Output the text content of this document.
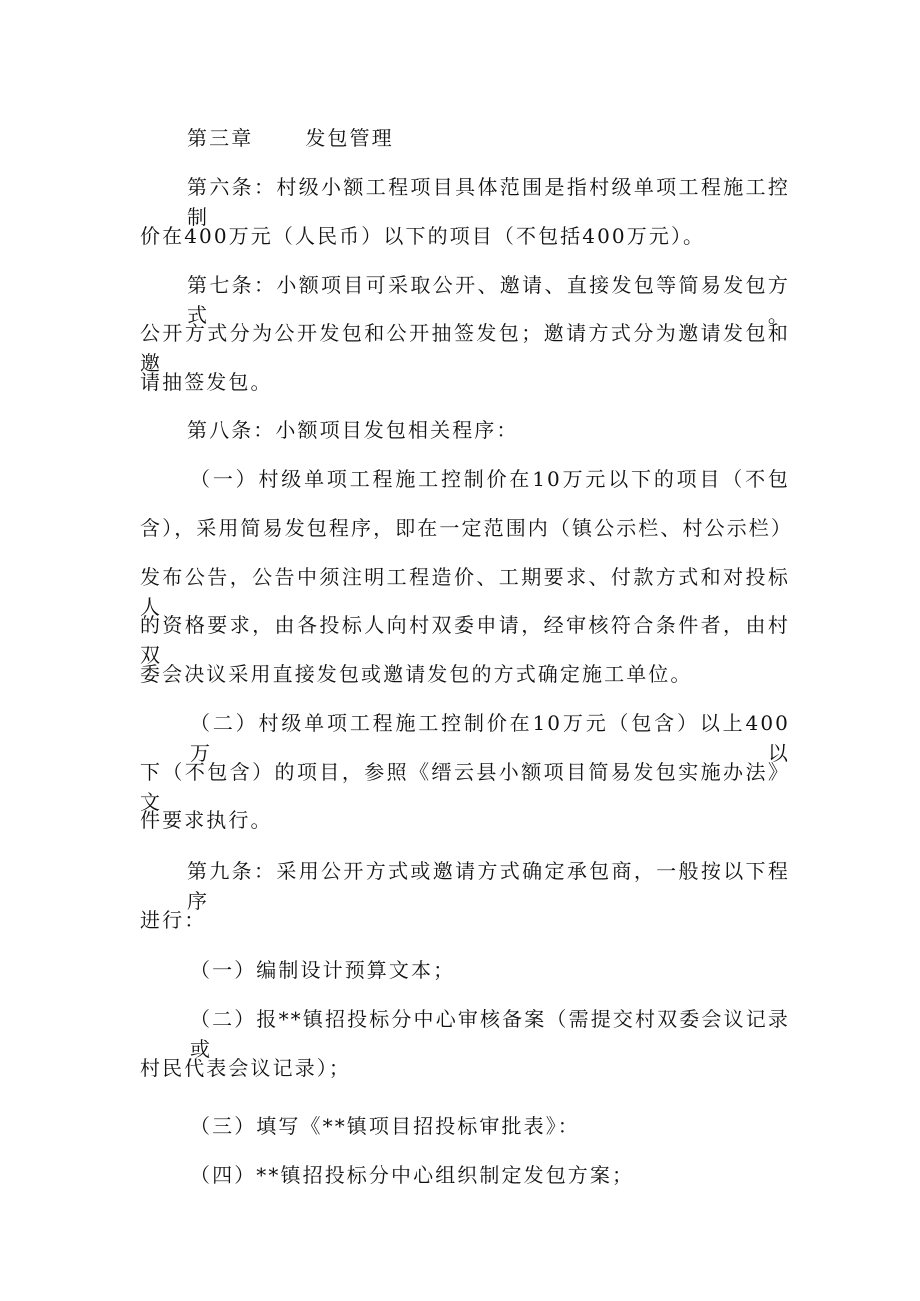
第三章	发包管理
第六条：村级小额工程项目具体范围是指村级单项工程施工控制
价在400万元（人民币）以下的项目（不包括400万元）。
第七条：小额项目可采取公开、邀请、直接发包等简易发包方式。
公开方式分为公开发包和公开抽签发包；邀请方式分为邀请发包和邀
请抽签发包。
第八条：小额项目发包相关程序：
（一）村级单项工程施工控制价在10万元以下的项目（不包
含），采用简易发包程序，即在一定范围内（镇公示栏、村公示栏）
发布公告，公告中须注明工程造价、工期要求、付款方式和对投标人
的资格要求，由各投标人向村双委申请，经审核符合条件者，由村双
委会决议采用直接发包或邀请发包的方式确定施工单位。
（二）村级单项工程施工控制价在10万元（包含）以上400万以
下（不包含）的项目，参照《缙云县小额项目简易发包实施办法》文
件要求执行。
第九条：采用公开方式或邀请方式确定承包商，一般按以下程序
进行：
（一）编制设计预算文本；
（二）报**镇招投标分中心审核备案（需提交村双委会议记录或
村民代表会议记录）；
（三）填写《**镇项目招投标审批表》：
（四）**镇招投标分中心组织制定发包方案；
